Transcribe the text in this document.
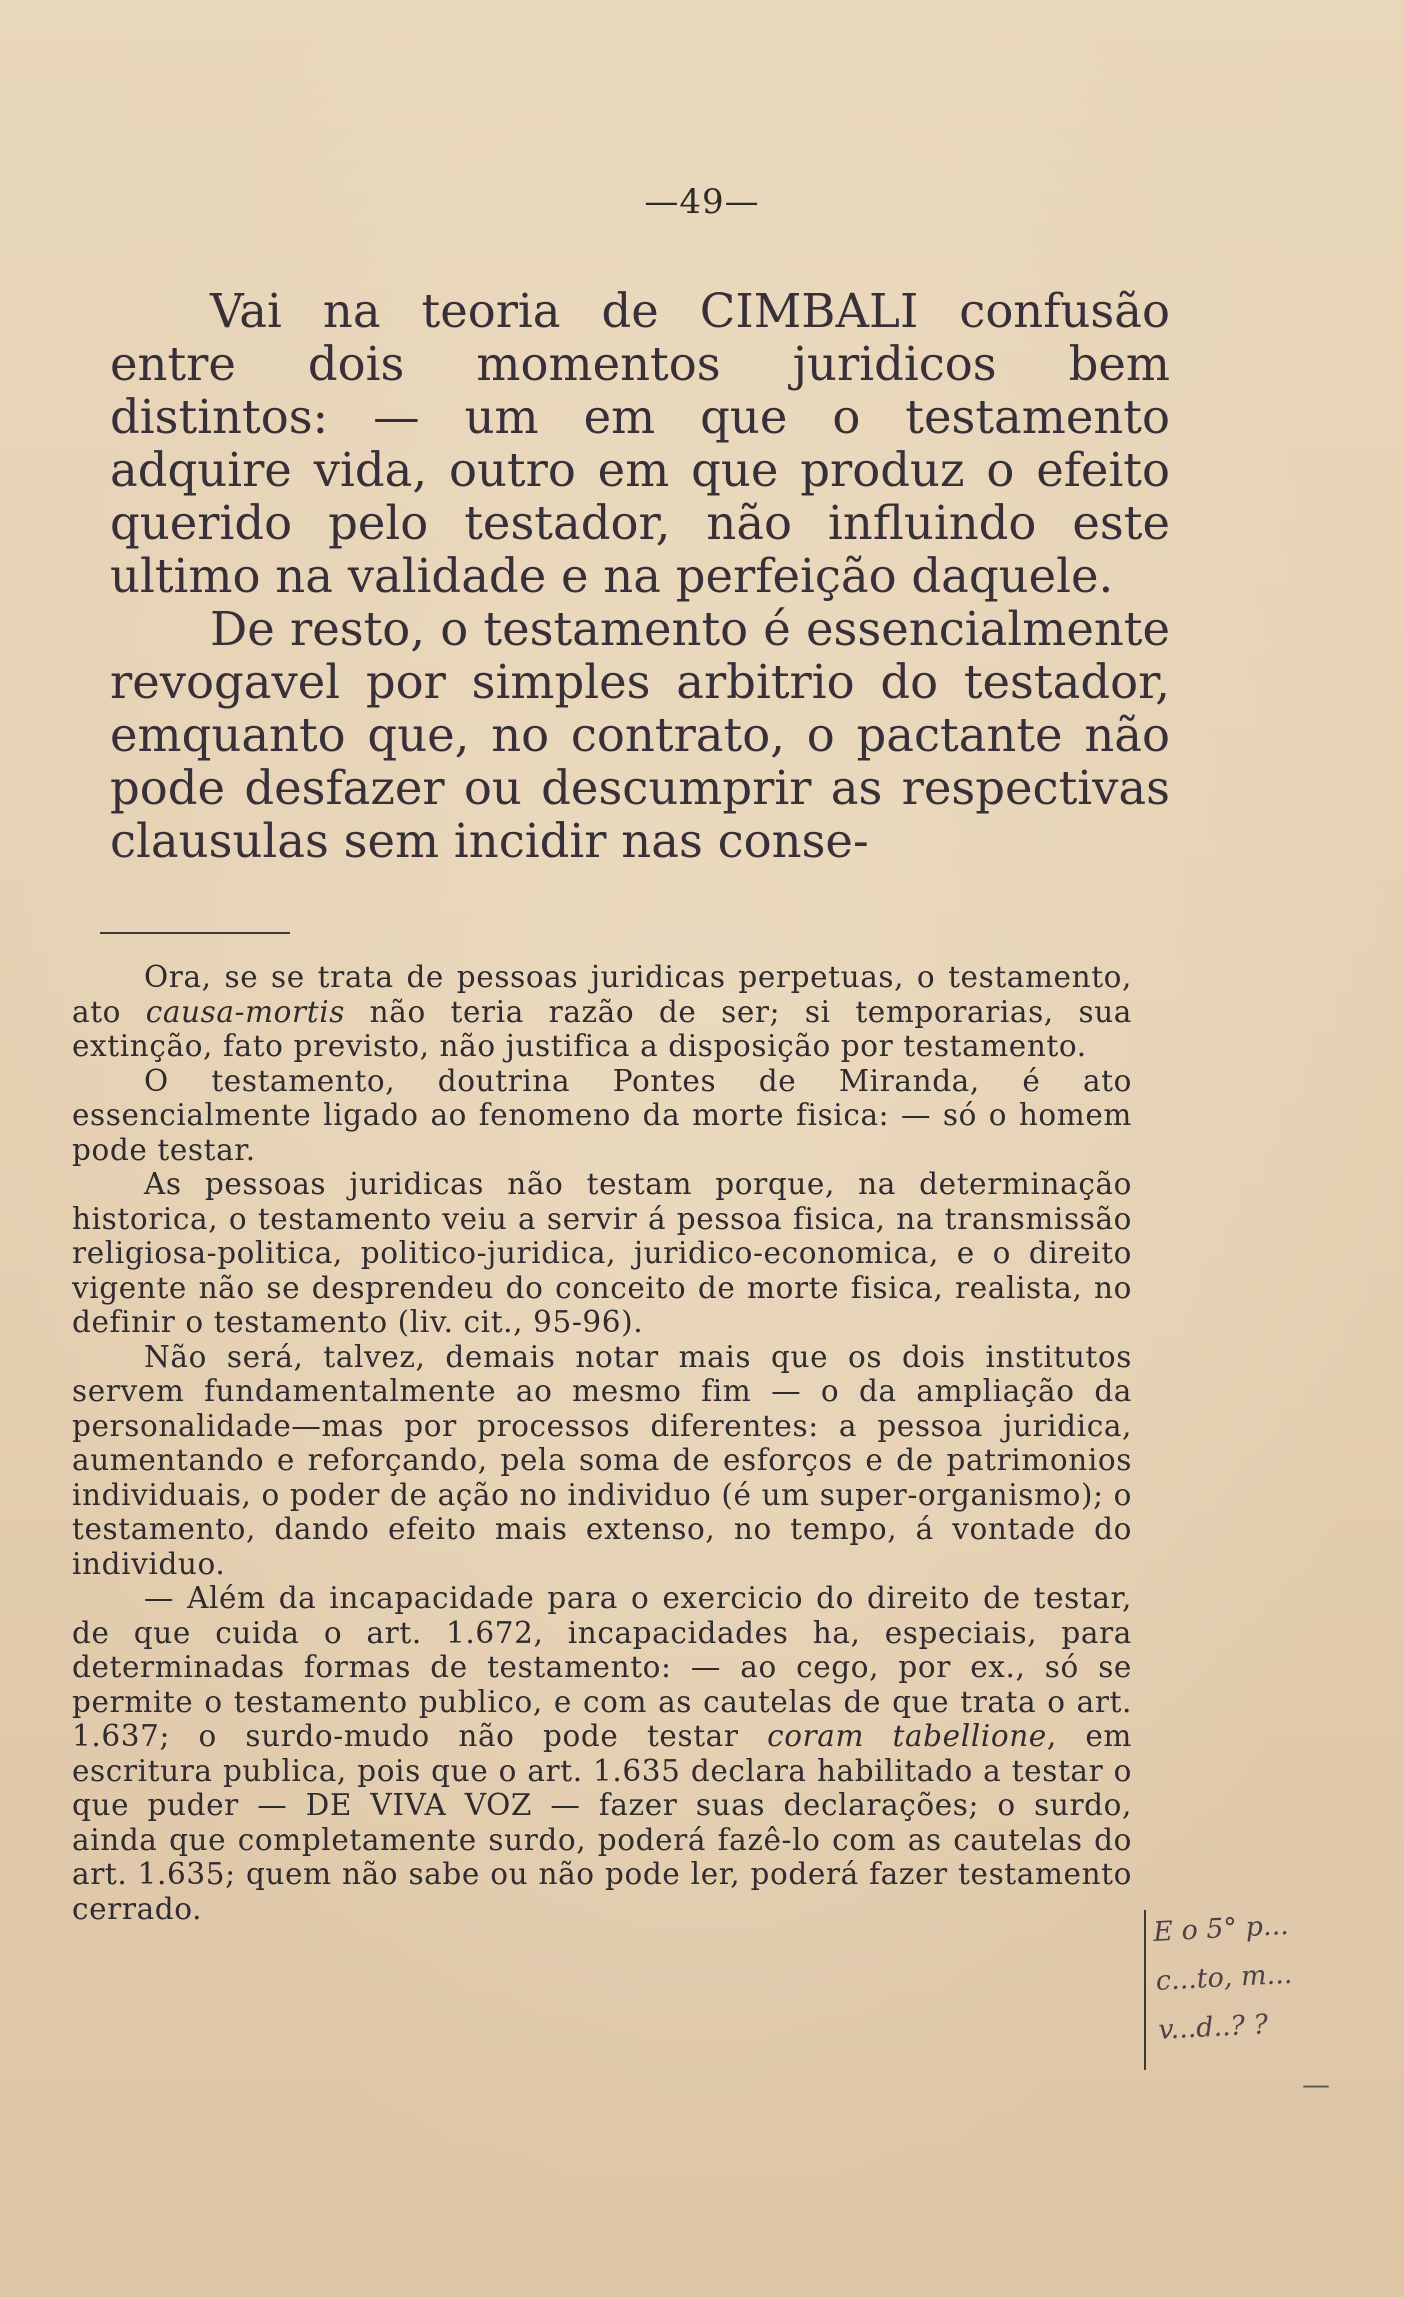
—49—

Vai na teoria de CIMBALI confusão entre dois momentos juridicos bem distintos: — um em que o testamento adquire vida, outro em que produz o efeito querido pelo testador, não influindo este ultimo na validade e na perfeição daquele.

De resto, o testamento é essencialmente revogavel por simples arbitrio do testador, emquanto que, no contrato, o pactante não pode desfazer ou descumprir as respectivas clausulas sem incidir nas conse-

Ora, se se trata de pessoas juridicas perpetuas, o testamento, ato causa-mortis não teria razão de ser; si temporarias, sua extinção, fato previsto, não justifica a disposição por testamento.

O testamento, doutrina Pontes de Miranda, é ato essencialmente ligado ao fenomeno da morte fisica: — só o homem pode testar.

As pessoas juridicas não testam porque, na determinação historica, o testamento veiu a servir á pessoa fisica, na transmissão religiosa-politica, politico-juridica, juridico-economica, e o direito vigente não se desprendeu do conceito de morte fisica, realista, no definir o testamento (liv. cit., 95-96).

Não será, talvez, demais notar mais que os dois institutos servem fundamentalmente ao mesmo fim — o da ampliação da personalidade—mas por processos diferentes: a pessoa juridica, aumentando e reforçando, pela soma de esforços e de patrimonios individuais, o poder de ação no individuo (é um super-organismo); o testamento, dando efeito mais extenso, no tempo, á vontade do individuo.

— Além da incapacidade para o exercicio do direito de testar, de que cuida o art. 1.672, incapacidades ha, especiais, para determinadas formas de testamento: — ao cego, por ex., só se permite o testamento publico, e com as cautelas de que trata o art. 1.637; o surdo-mudo não pode testar coram tabellione, em escritura publica, pois que o art. 1.635 declara habilitado a testar o que puder — DE VIVA VOZ — fazer suas declarações; o surdo, ainda que completamente surdo, poderá fazê-lo com as cautelas do art. 1.635; quem não sabe ou não pode ler, poderá fazer testamento cerrado.

E o 5° p...
c...to, m...
v...d..? ?
—
